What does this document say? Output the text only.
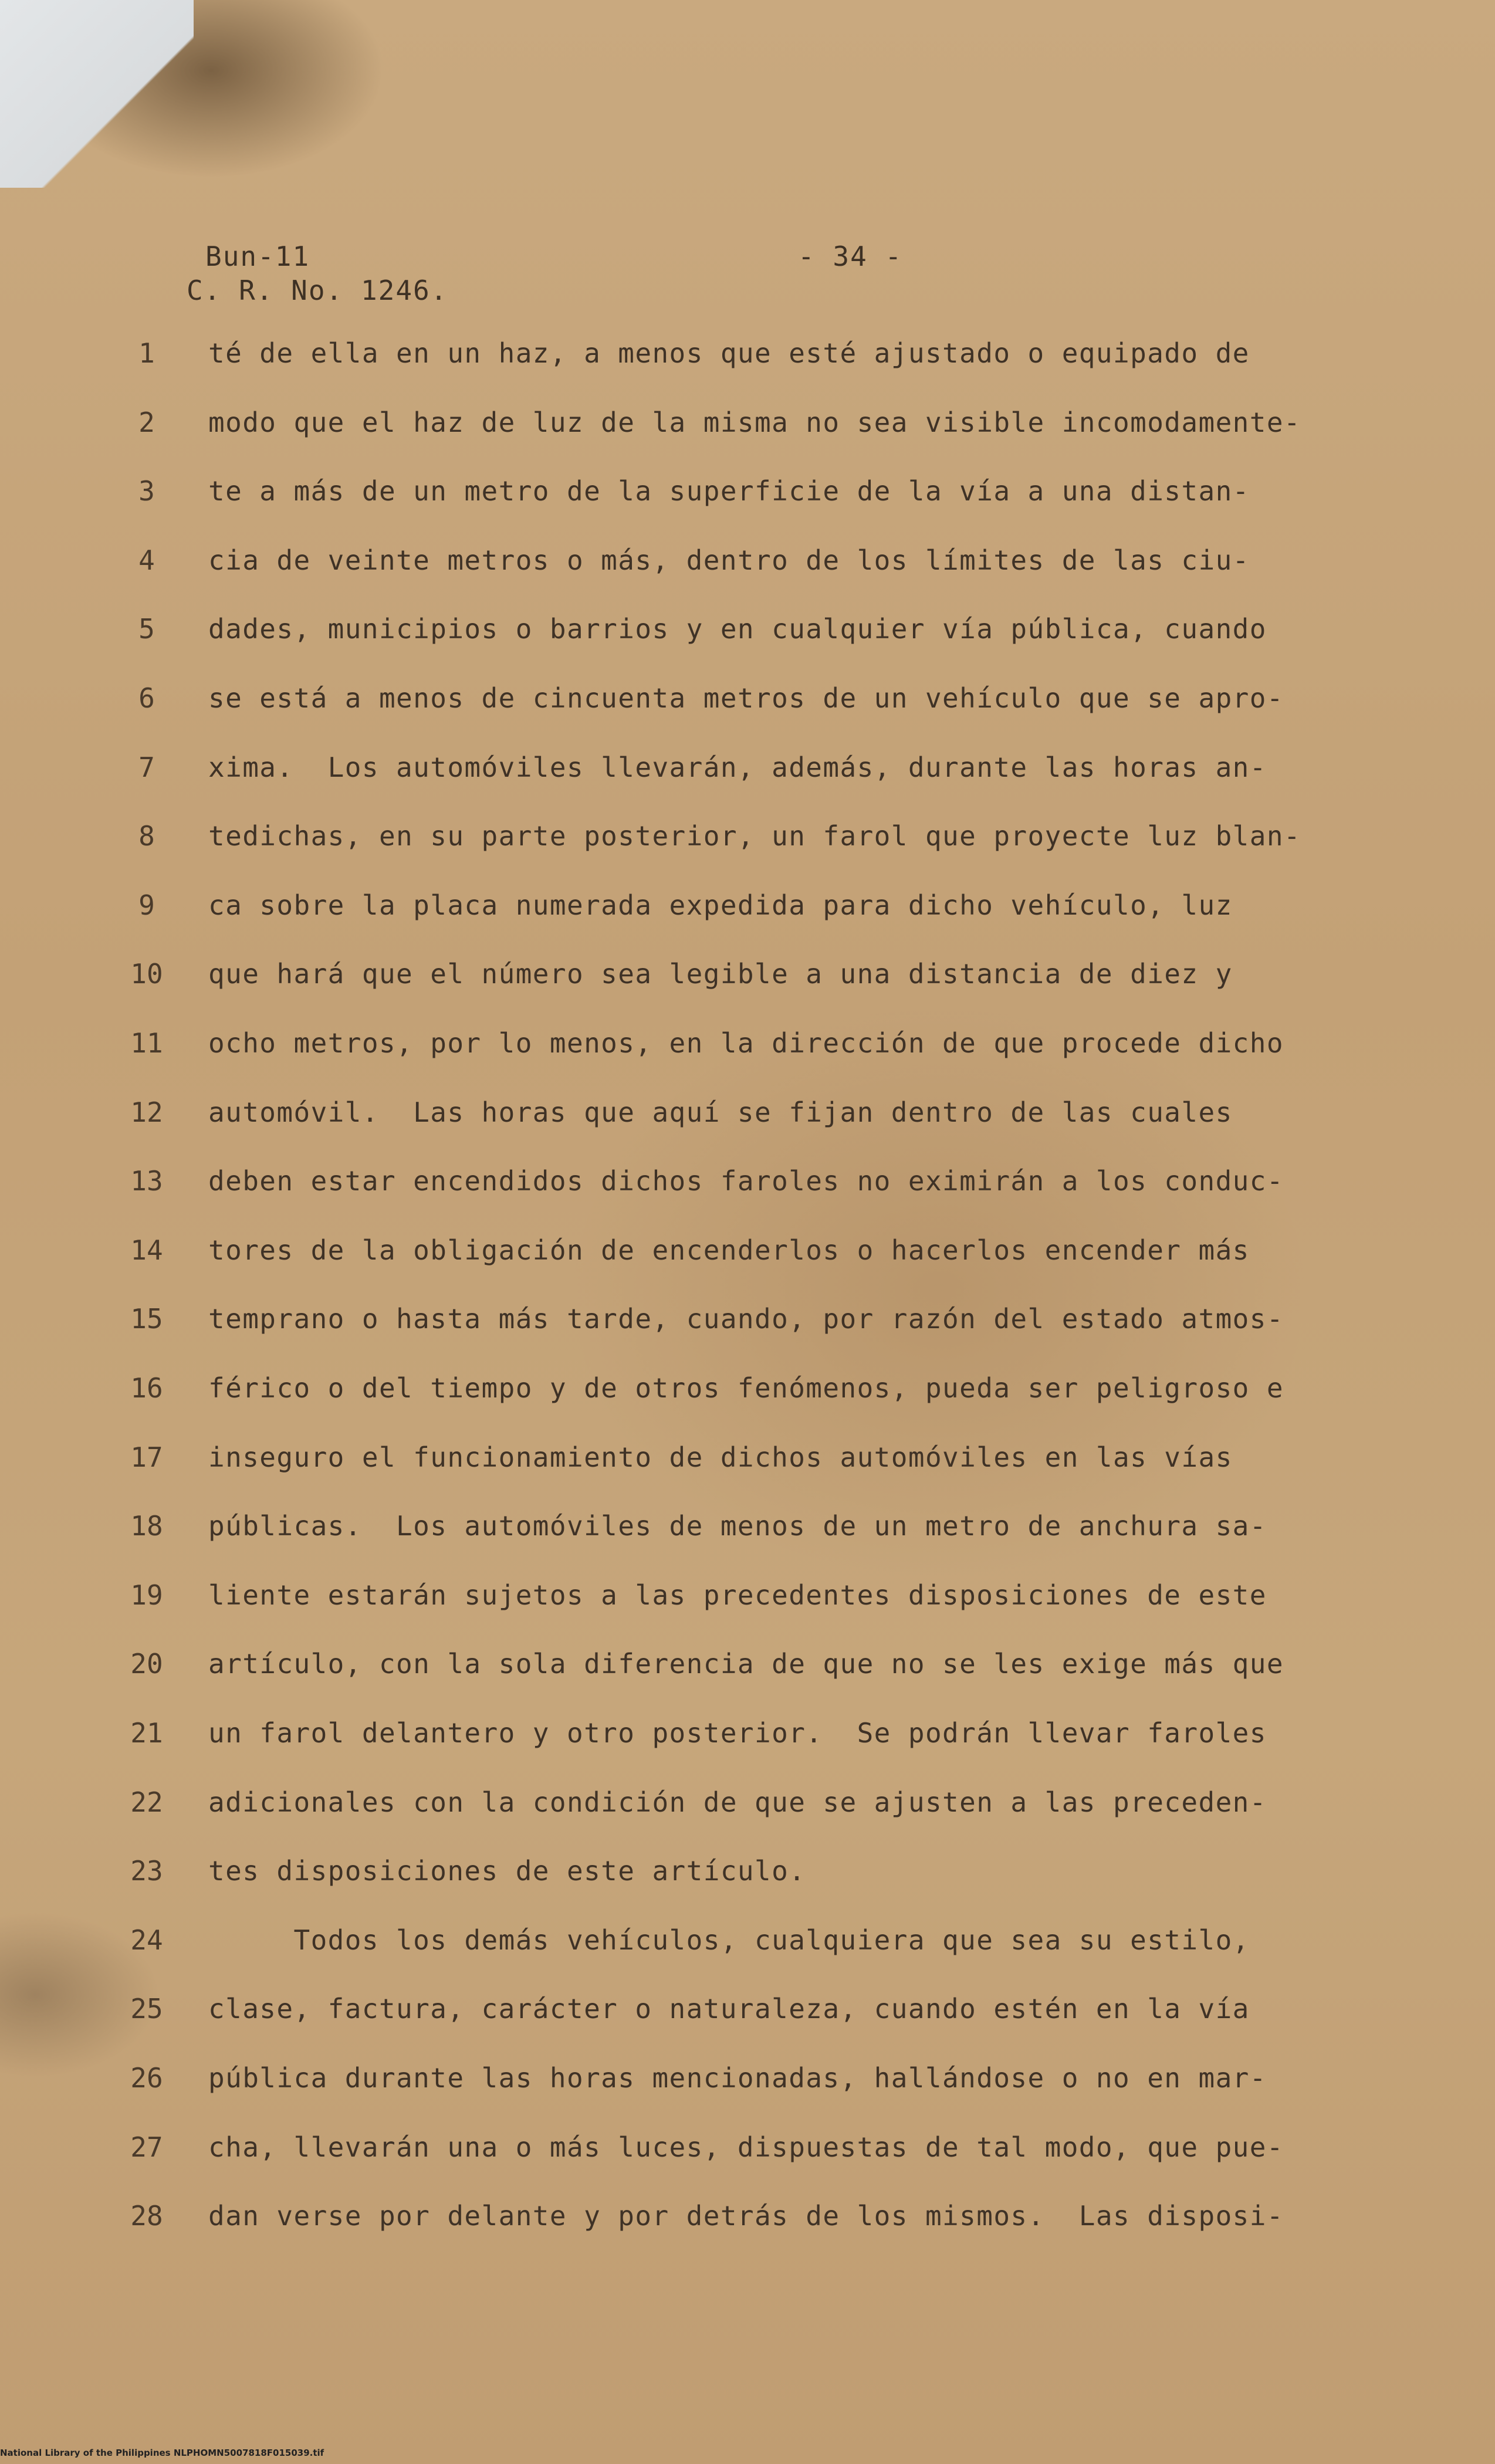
Bun-11
C. R. No. 1246.
- 34 -
1	té de ella en un haz, a menos que esté ajustado o equipado de
2	modo que el haz de luz de la misma no sea visible incomodamente-
3	te a más de un metro de la superficie de la vía a una distan-
4	cia de veinte metros o más, dentro de los límites de las ciu-
5	dades, municipios o barrios y en cualquier vía pública, cuando
6	se está a menos de cincuenta metros de un vehículo que se apro-
7	xima.  Los automóviles llevarán, además, durante las horas an-
8	tedichas, en su parte posterior, un farol que proyecte luz blan-
9	ca sobre la placa numerada expedida para dicho vehículo, luz
10	que hará que el número sea legible a una distancia de diez y
11	ocho metros, por lo menos, en la dirección de que procede dicho
12	automóvil.  Las horas que aquí se fijan dentro de las cuales
13	deben estar encendidos dichos faroles no eximirán a los conduc-
14	tores de la obligación de encenderlos o hacerlos encender más
15	temprano o hasta más tarde, cuando, por razón del estado atmos-
16	férico o del tiempo y de otros fenómenos, pueda ser peligroso e
17	inseguro el funcionamiento de dichos automóviles en las vías
18	públicas.  Los automóviles de menos de un metro de anchura sa-
19	liente estarán sujetos a las precedentes disposiciones de este
20	artículo, con la sola diferencia de que no se les exige más que
21	un farol delantero y otro posterior.  Se podrán llevar faroles
22	adicionales con la condición de que se ajusten a las preceden-
23	tes disposiciones de este artículo.
24	Todos los demás vehículos, cualquiera que sea su estilo,
25	clase, factura, carácter o naturaleza, cuando estén en la vía
26	pública durante las horas mencionadas, hallándose o no en mar-
27	cha, llevarán una o más luces, dispuestas de tal modo, que pue-
28	dan verse por delante y por detrás de los mismos.  Las disposi-
National Library of the Philippines NLPHOMN5007818F015039.tif
